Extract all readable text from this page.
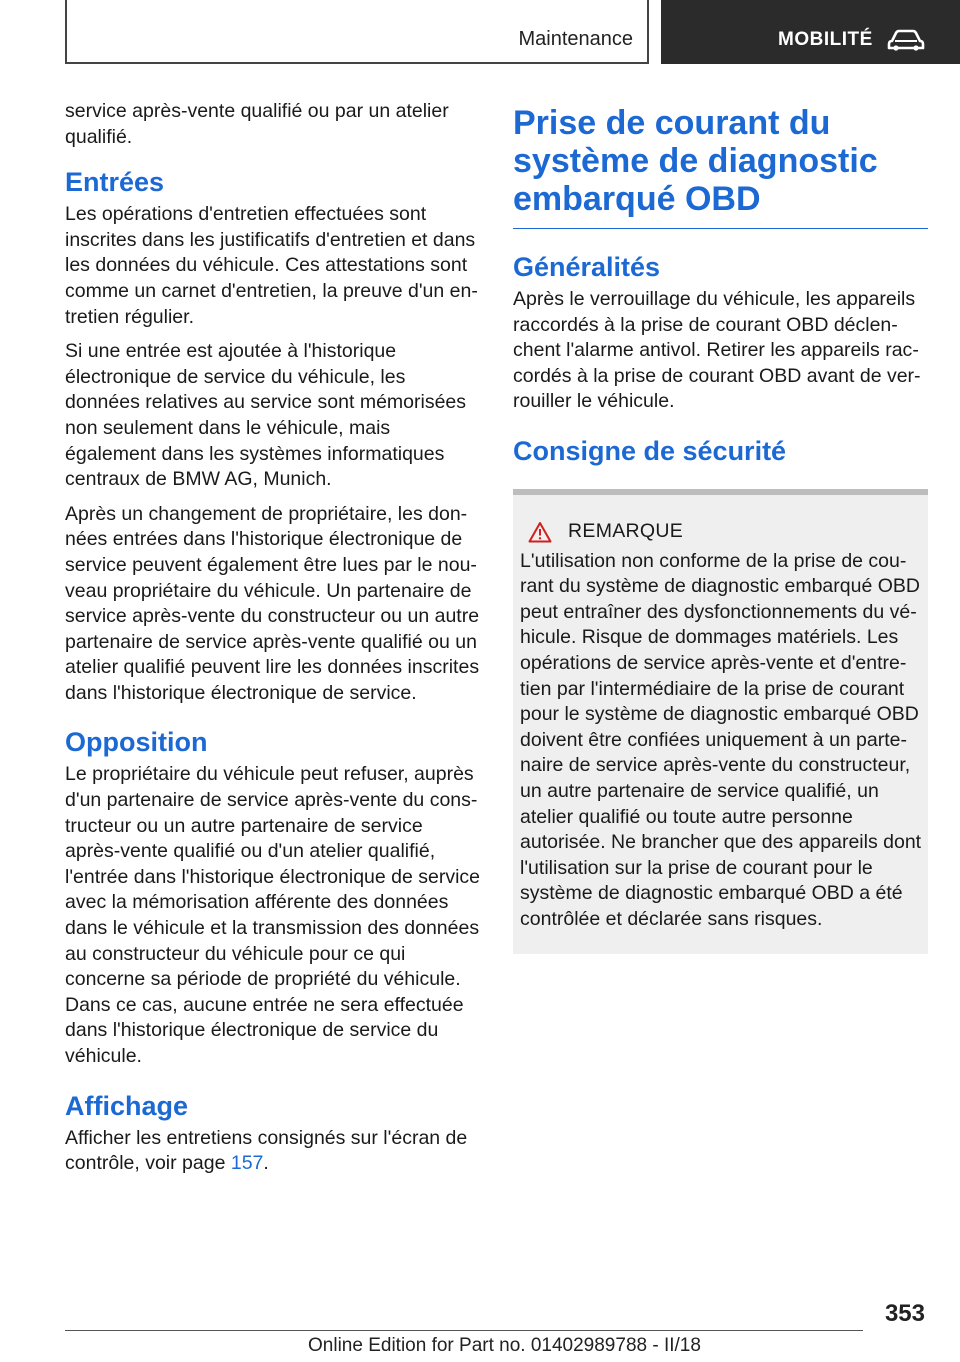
Maintenance	MOBILITÉ

service après-vente qualifié ou par un atelier qualifié.

Entrées

Les opérations d'entretien effectuées sont inscrites dans les justificatifs d'entretien et dans les données du véhicule. Ces attestations sont comme un carnet d'entretien, la preuve d'un entretien régulier.

Si une entrée est ajoutée à l'historique électronique de service du véhicule, les données relatives au service sont mémorisées non seulement dans le véhicule, mais également dans les systèmes informatiques centraux de BMW AG, Munich.

Après un changement de propriétaire, les données entrées dans l'historique électronique de service peuvent également être lues par le nouveau propriétaire du véhicule. Un partenaire de service après-vente du constructeur ou un autre partenaire de service après-vente qualifié ou un atelier qualifié peuvent lire les données inscrites dans l'historique électronique de service.

Opposition

Le propriétaire du véhicule peut refuser, auprès d'un partenaire de service après-vente du constructeur ou un autre partenaire de service après-vente qualifié ou d'un atelier qualifié, l'entrée dans l'historique électronique de service avec la mémorisation afférente des données dans le véhicule et la transmission des données au constructeur du véhicule pour ce qui concerne sa période de propriété du véhicule. Dans ce cas, aucune entrée ne sera effectuée dans l'historique électronique de service du véhicule.

Affichage

Afficher les entretiens consignés sur l'écran de contrôle, voir page 157.

Prise de courant du système de diagnostic embarqué OBD
Généralités

Après le verrouillage du véhicule, les appareils raccordés à la prise de courant OBD déclenchent l'alarme antivol. Retirer les appareils raccordés à la prise de courant OBD avant de verrouiller le véhicule.

Consigne de sécurité
REMARQUE

L'utilisation non conforme de la prise de courant du système de diagnostic embarqué OBD peut entraîner des dysfonctionnements du véhicule. Risque de dommages matériels. Les opérations de service après-vente et d'entretien par l'intermédiaire de la prise de courant pour le système de diagnostic embarqué OBD doivent être confiées uniquement à un partenaire de service après-vente du constructeur, un autre partenaire de service qualifié, un atelier qualifié ou toute autre personne autorisée. Ne brancher que des appareils dont l'utilisation sur la prise de courant pour le système de diagnostic embarqué OBD a été contrôlée et déclarée sans risques.

353
Online Edition for Part no. 01402989788 - II/18
